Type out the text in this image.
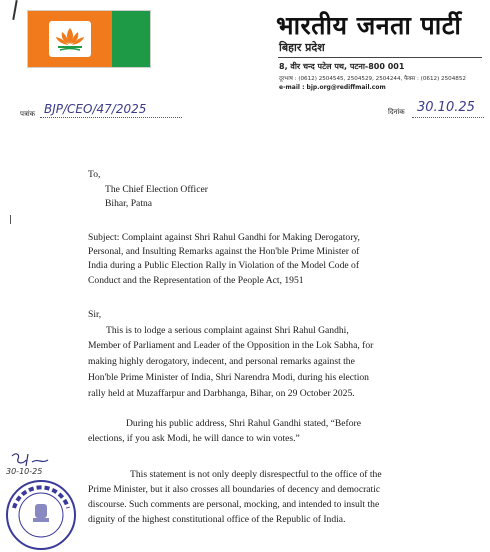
भारतीय जनता पार्टी
बिहार प्रदेश
8, वीर चन्द पटेल पथ, पटना-800 001
दूरभाष : (0612) 2504545, 2504529, 2504244, फैक्स : (0612) 2504852
e-mail : bjp.org@rediffmail.com
पत्रांक BJP/CEO/47/2025	दिनांक 30.10.25
To,
The Chief Election Officer
Bihar, Patna
Subject: Complaint against Shri Rahul Gandhi for Making Derogatory,
Personal, and Insulting Remarks against the Hon'ble Prime Minister of
India during a Public Election Rally in Violation of the Model Code of
Conduct and the Representation of the People Act, 1951
Sir,
This is to lodge a serious complaint against Shri Rahul Gandhi,
Member of Parliament and Leader of the Opposition in the Lok Sabha, for
making highly derogatory, indecent, and personal remarks against the
Hon'ble Prime Minister of India, Shri Narendra Modi, during his election
rally held at Muzaffarpur and Darbhanga, Bihar, on 29 October 2025.
During his public address, Shri Rahul Gandhi stated, “Before
elections, if you ask Modi, he will dance to win votes.”
This statement is not only deeply disrespectful to the office of the
Prime Minister, but it also crosses all boundaries of decency and democratic
discourse. Such comments are personal, mocking, and intended to insult the
dignity of the highest constitutional office of the Republic of India.
30-10-25
